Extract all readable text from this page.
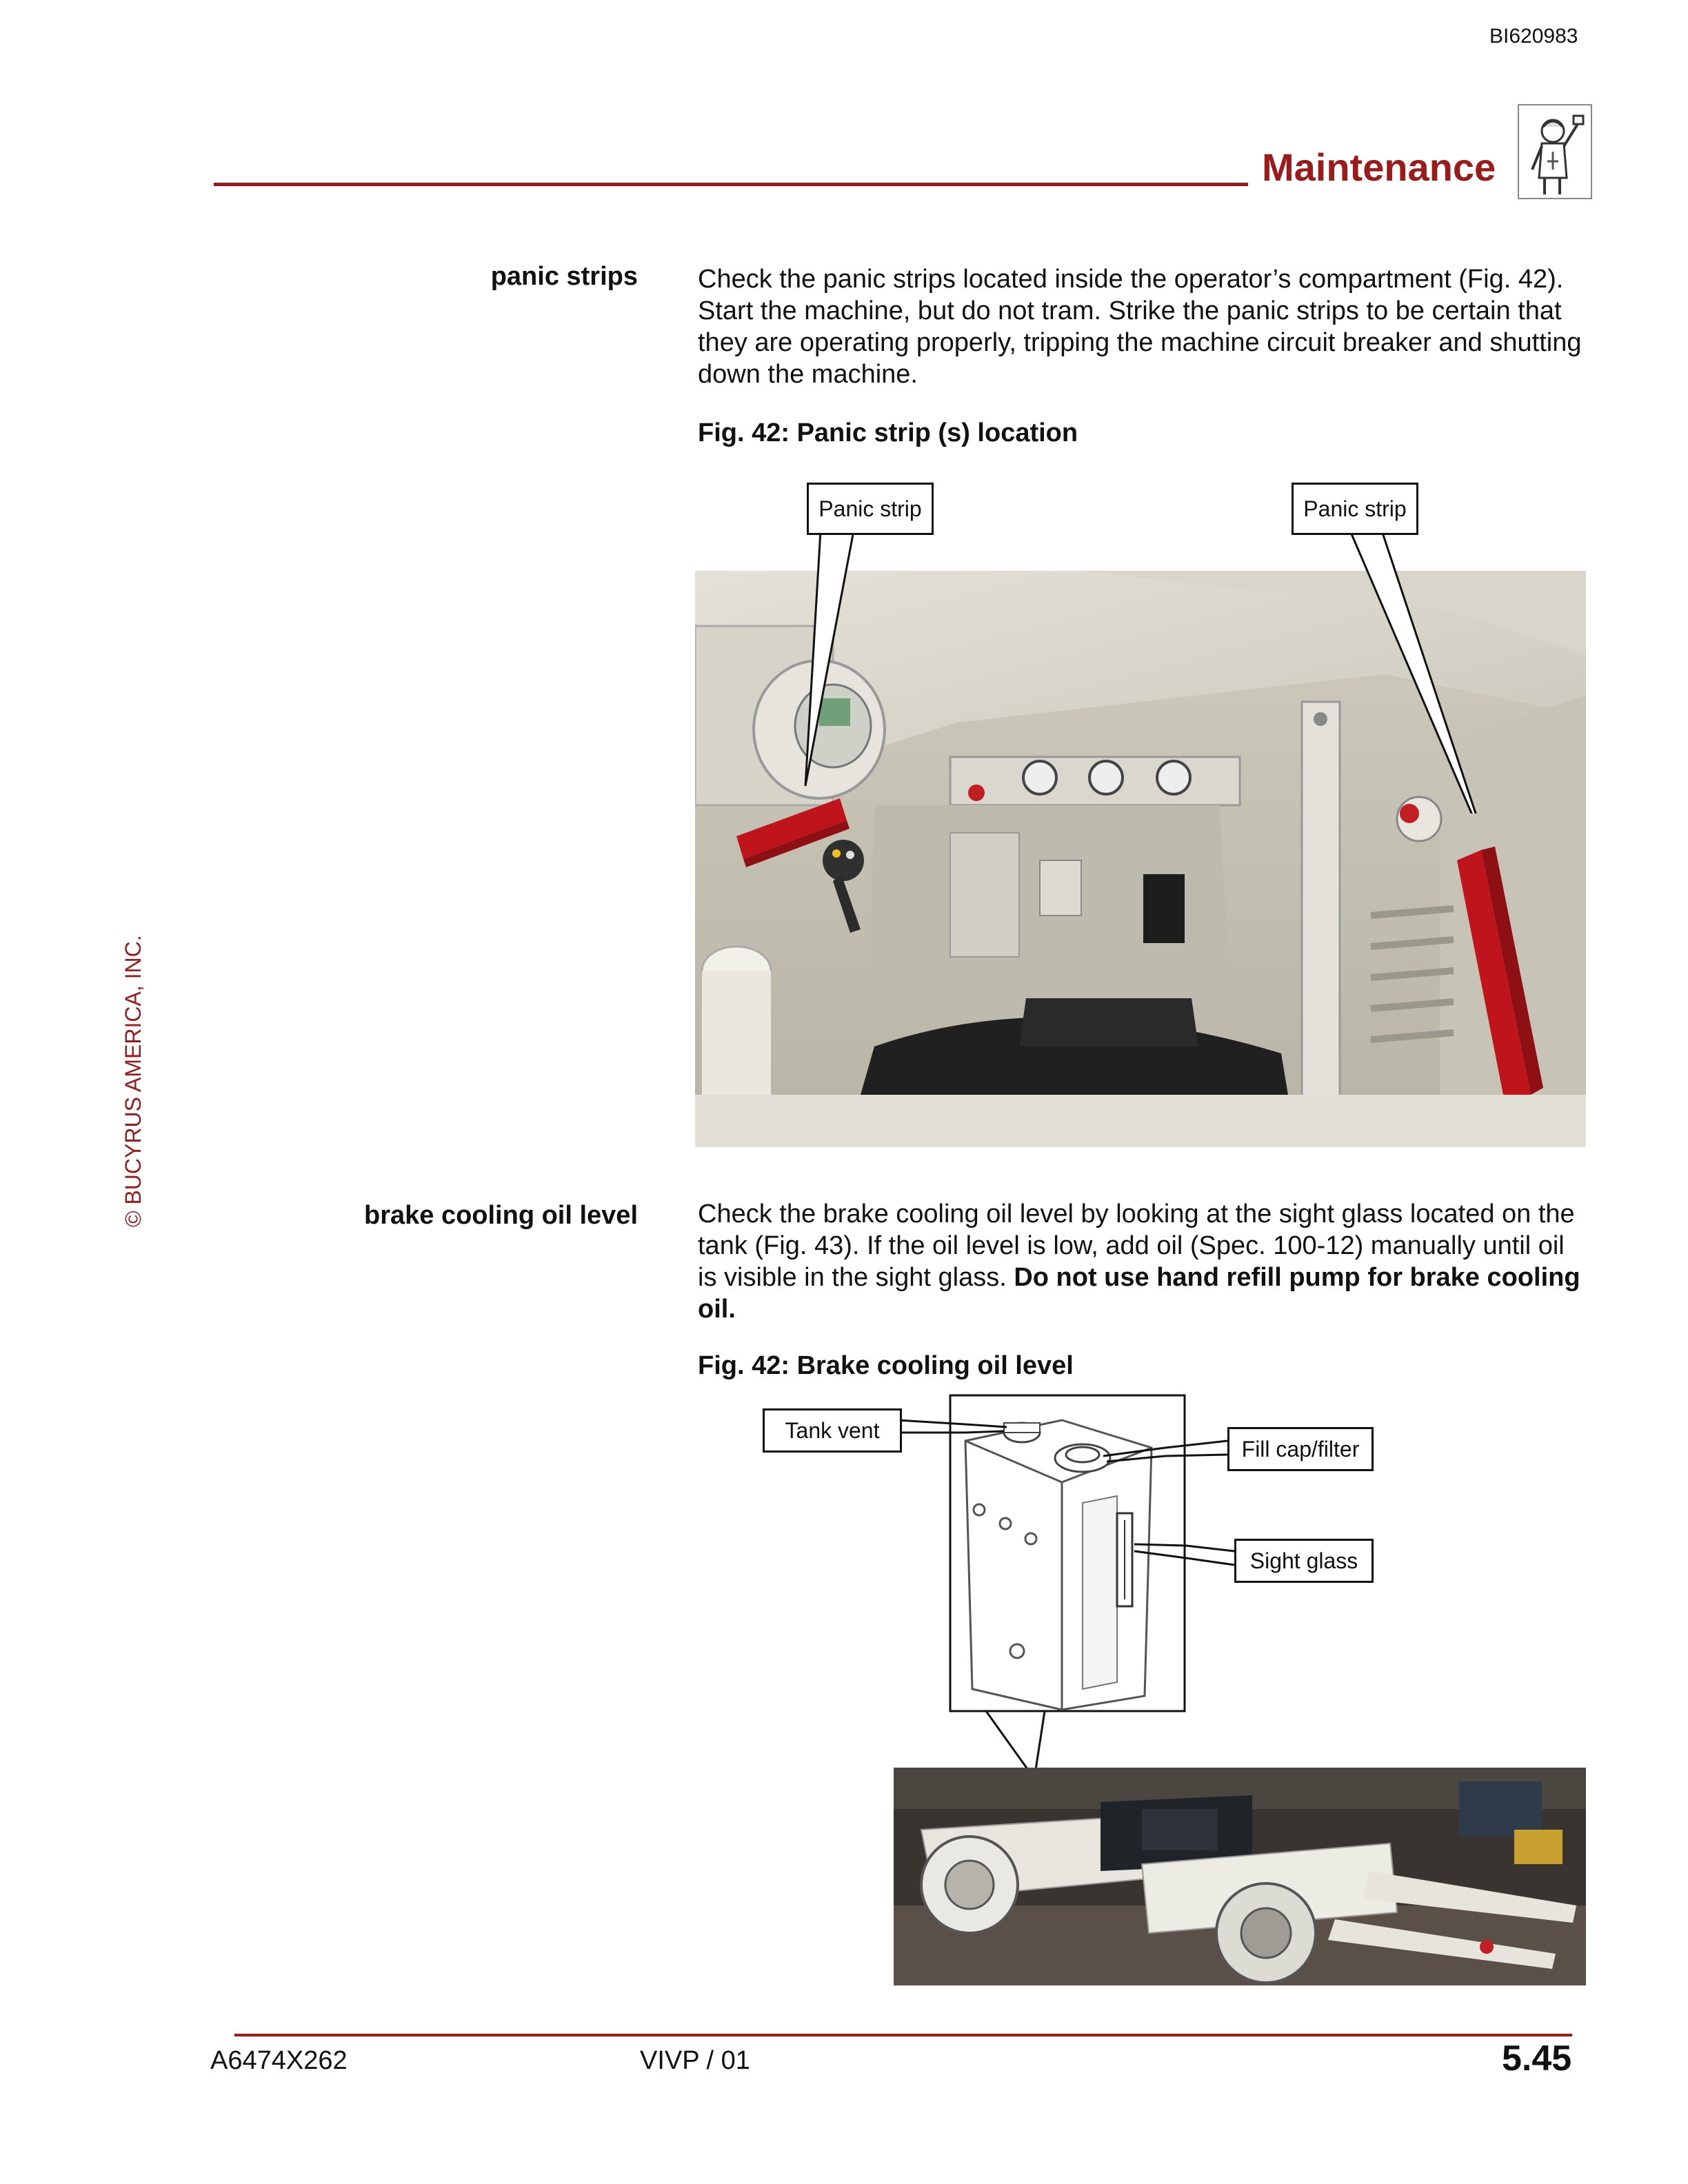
BI620983
Maintenance
© BUCYRUS AMERICA, INC.
panic strips Check the panic strips located inside the operator’s compartment (Fig. 42). Start the machine, but do not tram. Strike the panic strips to be certain that they are operating properly, tripping the machine circuit breaker and shutting down the machine.
Fig. 42: Panic strip (s) location
Panic strip	Panic strip
brake cooling oil level Check the brake cooling oil level by looking at the sight glass located on the tank (Fig. 43). If the oil level is low, add oil (Spec. 100-12) manually until oil is visible in the sight glass. Do not use hand refill pump for brake cooling oil.
Fig. 42: Brake cooling oil level
Tank vent
Fill cap/filter
Sight glass
A6474X262	VIVP / 01	5.45
